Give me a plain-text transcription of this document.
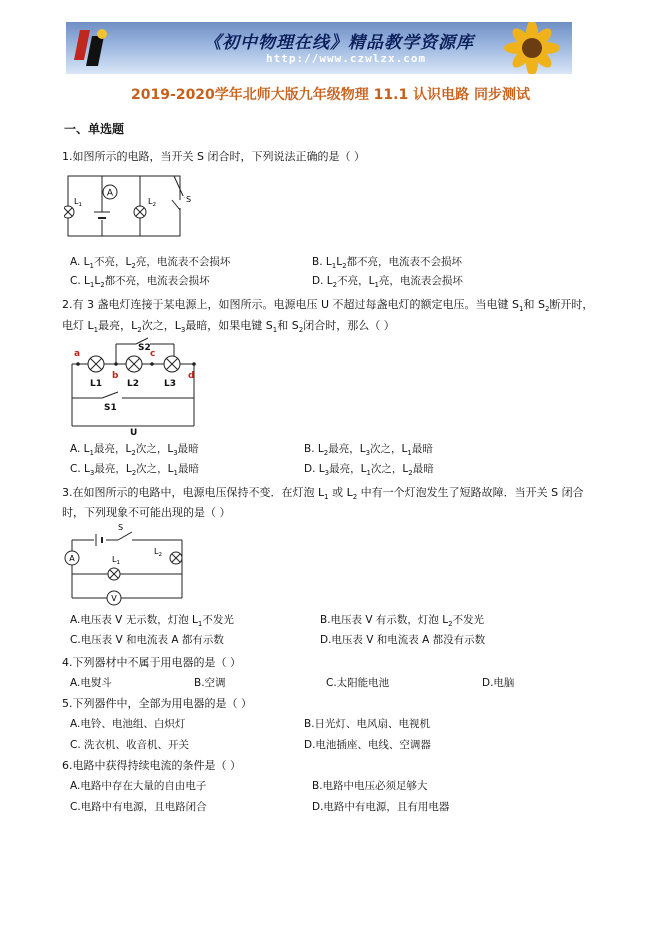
《初中物理在线》精品教学资源库
http://www.czwlzx.com
2019-2020学年北师大版九年级物理 11.1 认识电路 同步测试
一、单选题
1.如图所示的电路，当开关 S 闭合时，下列说法正确的是（ ）
A
$L_1$	$L_2$
S
A. $L_1$不亮，$L_2$亮，电流表不会损坏	B. $L_1L_2$都不亮，电流表不会损坏
C. $L_1L_2$都不亮，电流表会损坏	D. $L_2$不亮，$L_1$亮，电流表会损坏
2.有 3 盏电灯连接于某电源上，如图所示。电源电压 U 不超过每盏电灯的额定电压。当电键 $S_1$和 $S_2$断开时，
电灯 $L_1$最亮，$L_2$次之，$L_3$最暗，如果电键 $S_1$和 $S_2$闭合时，那么（ ）
a
b
c
d
S2
L1	L2	L3
S1
U
A. $L_1$最亮，$L_2$次之，$L_3$最暗	B. $L_2$最亮，$L_3$次之，$L_1$最暗
C. $L_3$最亮，$L_2$次之，$L_1$最暗	D. $L_3$最亮，$L_1$次之，$L_2$最暗
3.在如图所示的电路中，电源电压保持不变．在灯泡 $L_1$ 或 $L_2$ 中有一个灯泡发生了短路故障．当开关 S 闭合
时，下列现象不可能出现的是（ ）
S
A	$L_1$
$L_2$
V
A.电压表 V 无示数，灯泡 $L_1$不发光	B.电压表 V 有示数，灯泡 $L_2$不发光
C.电压表 V 和电流表 A 都有示数	D.电压表 V 和电流表 A 都没有示数
4.下列器材中不属于用电器的是（ ）
A.电熨斗	B.空调	C.太阳能电池	D.电脑
5.下列器件中，全部为用电器的是（ ）
A.电铃、电池组、白炽灯	B.日光灯、电风扇、电视机
C. 洗衣机、收音机、开关	D.电池插座、电线、空调器
6.电路中获得持续电流的条件是（ ）
A.电路中存在大量的自由电子	B.电路中电压必须足够大
C.电路中有电源，且电路闭合	D.电路中有电源，且有用电器
